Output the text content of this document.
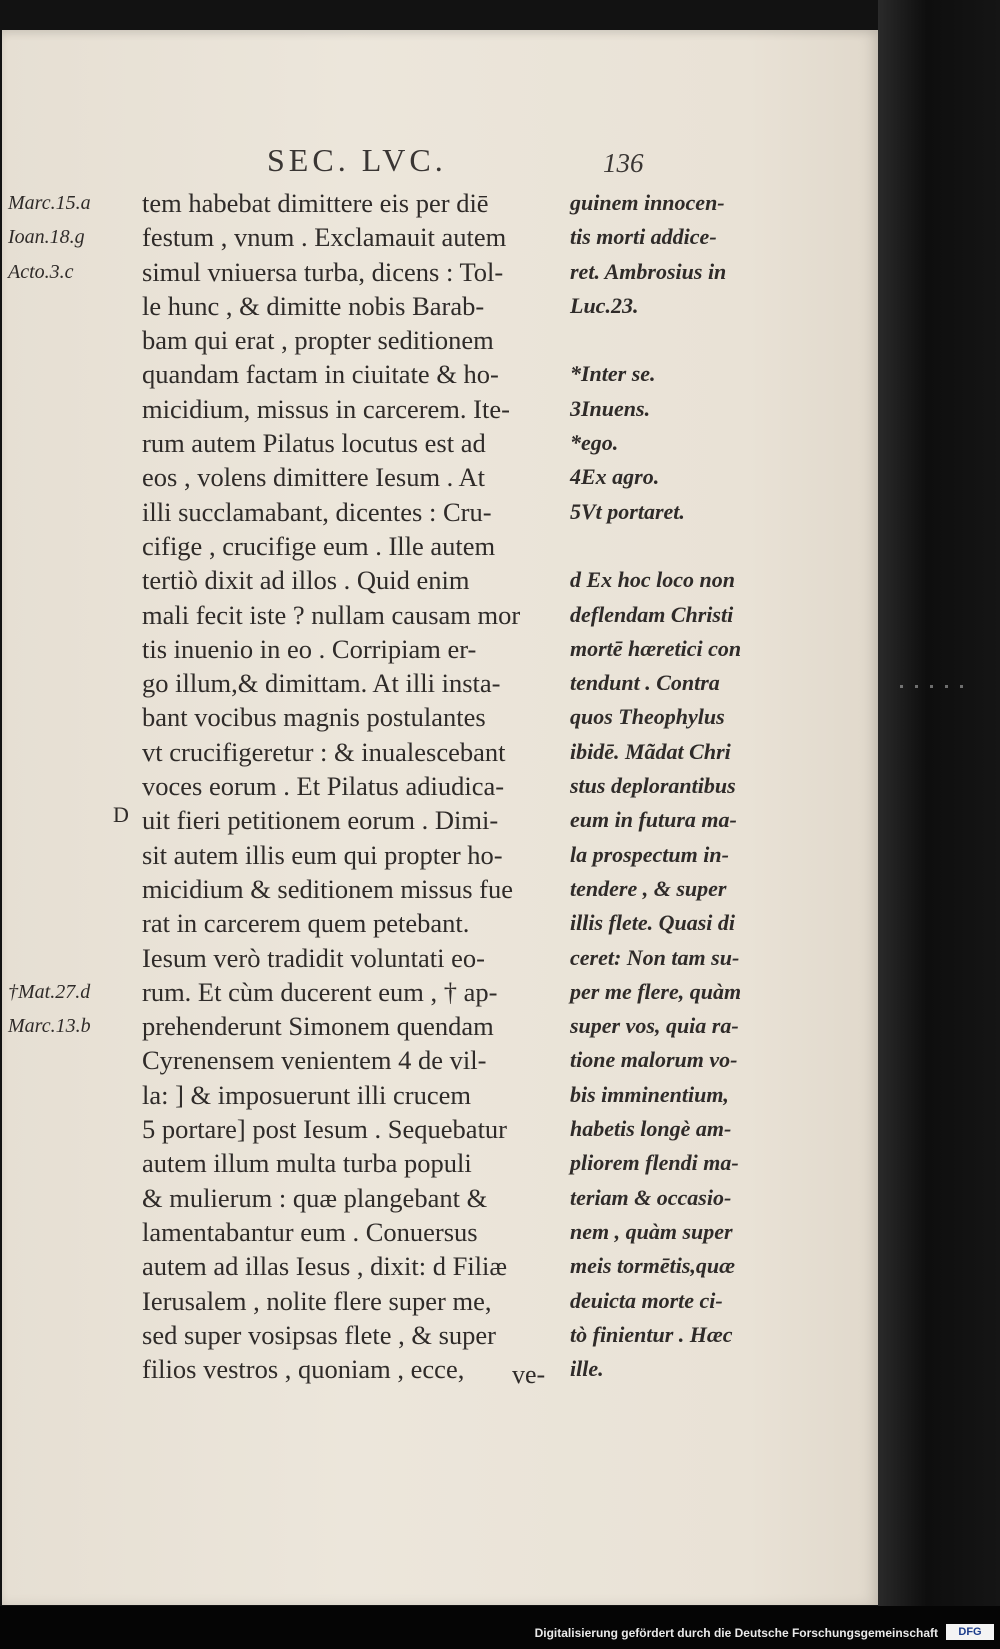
SEC. LVC.	136
Marc.15.a
Ioan.18.g
Acto.3.c
†Mat.27.d
Marc.13.b
D
tem habebat dimittere eis per diē
festum , vnum . Exclamauit autem
simul vniuersa turba, dicens : Tol-
le hunc , & dimitte nobis Barab-
bam qui erat , propter seditionem
quandam factam in ciuitate & ho-
micidium, missus in carcerem. Ite-
rum autem Pilatus locutus est ad
eos , volens dimittere Iesum . At
illi succlamabant, dicentes : Cru-
cifige , crucifige eum . Ille autem
tertiò dixit ad illos . Quid enim
mali fecit iste ? nullam causam mor
tis inuenio in eo . Corripiam er-
go illum,& dimittam. At illi insta-
bant vocibus magnis postulantes
vt crucifigeretur : & inualescebant
voces eorum . Et Pilatus adiudica-
uit fieri petitionem eorum . Dimi-
sit autem illis eum qui propter ho-
micidium & seditionem missus fue
rat in carcerem quem petebant.
Iesum verò tradidit voluntati eo-
rum. Et cùm ducerent eum , † ap-
prehenderunt Simonem quendam
Cyrenensem venientem 4 de vil-
la: ] & imposuerunt illi crucem
5 portare] post Iesum . Sequebatur
autem illum multa turba populi
& mulierum : quæ plangebant &
lamentabantur eum . Conuersus
autem ad illas Iesus , dixit: d Filiæ
Ierusalem , nolite flere super me,
sed super vosipsas flete , & super
filios vestros , quoniam , ecce,
guinem innocen-
tis morti addice-
ret. Ambrosius in
Luc.23.
*Inter se.
3Inuens.
*ego.
4Ex agro.
5Vt portaret.
d Ex hoc loco non
deflendam Christi
mortē hæretici con
tendunt . Contra
quos Theophylus
ibidē. Mãdat Chri
stus deplorantibus
eum in futura ma-
la prospectum in-
tendere , & super
illis flete. Quasi di
ceret: Non tam su-
per me flere, quàm
super vos, quia ra-
tione malorum vo-
bis imminentium,
habetis longè am-
pliorem flendi ma-
teriam & occasio-
nem , quàm super
meis tormētis,quæ
deuicta morte ci-
tò finientur . Hæc
ille.
ve-
Digitalisierung gefördert durch die Deutsche Forschungsgemeinschaft	DFG
